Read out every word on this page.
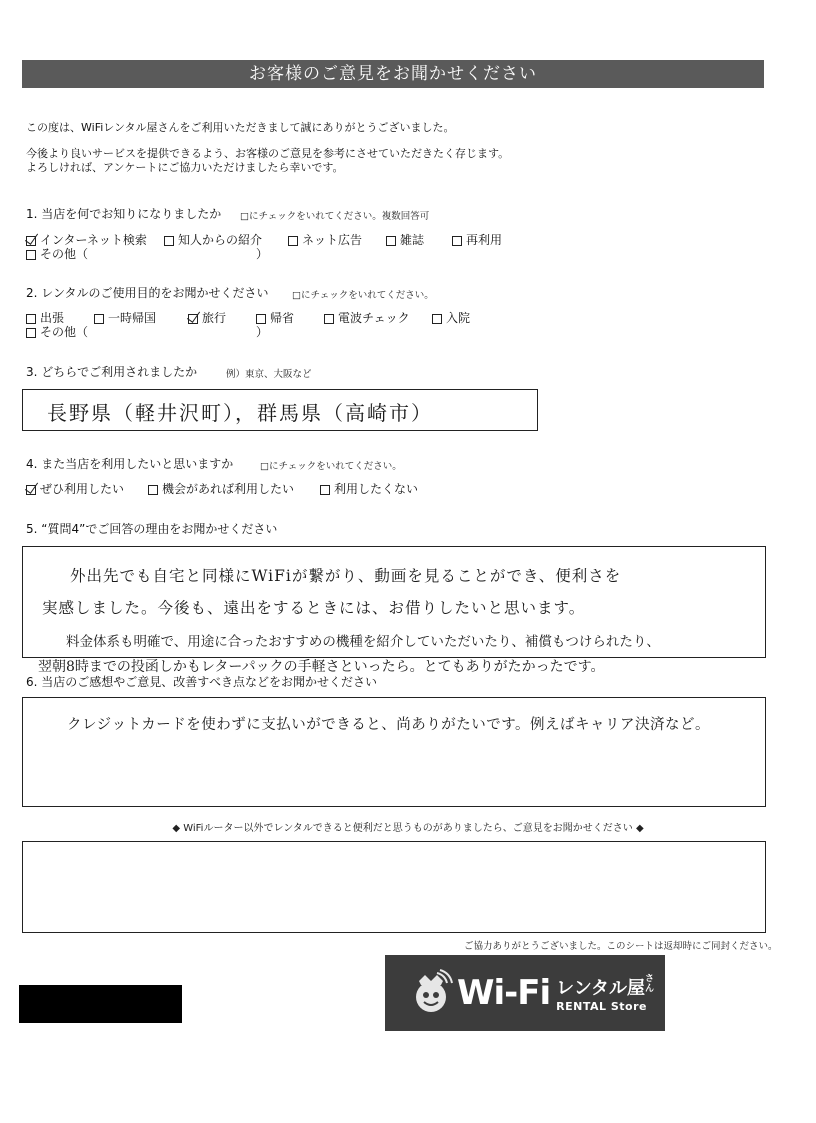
お客様のご意見をお聞かせください
この度は、WiFiレンタル屋さんをご利用いただきまして誠にありがとうございました。
今後より良いサービスを提供できるよう、お客様のご意見を参考にさせていただきたく存じます。
よろしければ、アンケートにご協力いただけましたら幸いです。
1. 当店を何でお知りになりましたか □にチェックをいれてください。複数回答可
インターネット検索	知人からの紹介	ネット広告	雑誌	再利用
その他（	）
2. レンタルのご使用目的をお聞かせください □にチェックをいれてください。
出張	一時帰国	旅行	帰省	電波チェック	入院
その他（	）
3. どちらでご利用されましたか	例）東京、大阪など
長野県（軽井沢町），群馬県（高崎市）
4. また当店を利用したいと思いますか	□にチェックをいれてください。
ぜひ利用したい	機会があれば利用したい	利用したくない
5. “質問4”でご回答の理由をお聞かせください
外出先でも自宅と同様にWiFiが繋がり、動画を見ることができ、便利さを
実感しました。今後も、遠出をするときには、お借りしたいと思います。
料金体系も明確で、用途に合ったおすすめの機種を紹介していただいたり、補償もつけられたり、
翌朝8時までの投函しかもレターパックの手軽さといったら。とてもありがたかったです。
6. 当店のご感想やご意見、改善すべき点などをお聞かせください
クレジットカードを使わずに支払いができると、尚ありがたいです。例えばキャリア決済など。
◆ WiFiルーター以外でレンタルできると便利だと思うものがありましたら、ご意見をお聞かせください ◆
ご協力ありがとうございました。このシートは返却時にご同封ください。
Wi-Fi レンタル屋 さん
RENTAL Store
